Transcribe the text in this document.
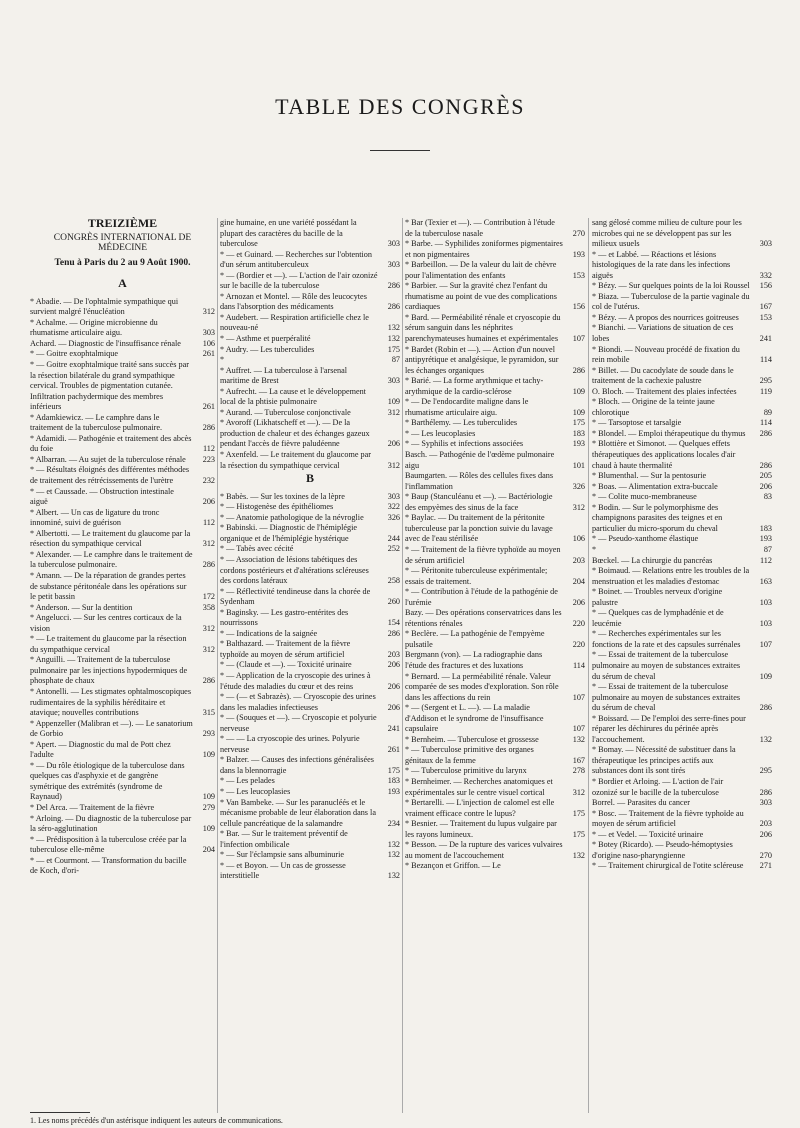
TABLE DES CONGRÈS
TREIZIÈME
CONGRÈS INTERNATIONAL DE MÉDECINE
Tenu à Paris du 2 au 9 Août 1900.
A
* Abadie. — De l'ophtalmie sympathique qui survient malgré l'énucléation	312
* Achalme. — Origine microbienne du rhumatisme articulaire aigu.	303
Achard. — Diagnostic de l'insuffisance rénale	106
* — Goitre exophtalmique	261
* — Goitre exophtalmique traité sans succès par la résection bilatérale du grand sympathique cervical. Troubles de pigmentation cutanée. Infiltration pachydermique des membres inférieurs	261
* Adamkiewicz. — Le camphre dans le traitement de la tuberculose pulmonaire.	286
* Adamidi. — Pathogénie et traitement des abcès du foie	112
* Albarran. — Au sujet de la tuberculose rénale	223
* — Résultats éloignés des différentes méthodes de traitement des rétrécissements de l'urètre	232
* — et Caussade. — Obstruction intestinale aiguë	206
* Albert. — Un cas de ligature du tronc innominé, suivi de guérison	112
* Albertotti. — Le traitement du glaucome par la résection du sympathique cervical	312
* Alexander. — Le camphre dans le traitement de la tuberculose pulmonaire.	286
* Amann. — De la réparation de grandes pertes de substance péritonéale dans les opérations sur le petit bassin	172
* Anderson. — Sur la dentition	358
* Angelucci. — Sur les centres corticaux de la vision	312
* — Le traitement du glaucome par la résection du sympathique cervical	312
* Anguilli. — Traitement de la tuberculose pulmonaire par les injections hypodermiques de phosphate de chaux	286
* Antonelli. — Les stigmates ophtalmoscopiques rudimentaires de la syphilis héréditaire et atavique; nouvelles contributions	315
* Appenzeller (Malibran et —). — Le sanatorium de Gorbio	293
* Apert. — Diagnostic du mal de Pott chez l'adulte	109
* — Du rôle étiologique de la tuberculose dans quelques cas d'asphyxie et de gangrène symétrique des extrémités (syndrome de Raynaud)	109
* Del Arca. — Traitement de la fièvre	279
* Arloing. — Du diagnostic de la tuberculose par la séro-agglutination	109
* — Prédisposition à la tuberculose créée par la tuberculose elle-même	204
* — et Courmont. — Transformation du bacille de Koch, d'ori-
gine humaine, en une variété possédant la plupart des caractères du bacille de la tuberculose	303
* — et Guinard. — Recherches sur l'obtention d'un sérum antituberculeux	303
* — (Bordier et —). — L'action de l'air ozonizé sur le bacille de la tuberculose	286
* Arnozan et Montel. — Rôle des leucocytes dans l'absorption des médicaments	286
* Audebert. — Respiration artificielle chez le nouveau-né	132
* — Asthme et puerpéralité	132
* Audry. — Les tuberculides	175
*	87
* Auffret. — La tuberculose à l'arsenal maritime de Brest	303
* Aufrecht. — La cause et le développement local de la phtisie pulmonaire	109
* Aurand. — Tuberculose conjonctivale	312
* Avoroff (Likhatscheff et —). — De la production de chaleur et des échanges gazeux pendant l'accès de fièvre paludéenne	206
* Axenfeld. — Le traitement du glaucome par la résection du sympathique cervical	312
B
* Babès. — Sur les toxines de la lèpre	303
* — Histogenèse des épithéliomes	322
* — Anatomie pathologique de la névroglie	326
* Babinski. — Diagnostic de l'hémiplégie organique et de l'hémiplégie hystérique	244
* — Tabès avec cécité	252
* — Association de lésions tabétiques des cordons postérieurs et d'altérations scléreuses des cordons latéraux	258
* — Réflectivité tendineuse dans la chorée de Sydenham	260
* Baginsky. — Les gastro-entérites des nourrissons	154
* — Indications de la saignée	286
* Balthazard. — Traitement de la fièvre typhoïde au moyen de sérum artificiel	203
* — (Claude et —). — Toxicité urinaire	206
* — Application de la cryoscopie des urines à l'étude des maladies du cœur et des reins	206
* — (— et Sabrazès). — Cryoscopie des urines dans les maladies infectieuses	206
* — (Souques et —). — Cryoscopie et polyurie nerveuse	241
* — — La cryoscopie des urines. Polyurie nerveuse	261
* Balzer. — Causes des infections généralisées dans la blennorragie	175
* — Les pelades	183
* — Les leucoplasies	193
* Van Bambeke. — Sur les paranucléés et le mécanisme probable de leur élaboration dans la cellule pancréatique de la salamandre	234
* Bar. — Sur le traitement préventif de l'infection ombilicale	132
* — Sur l'éclampsie sans albuminurie	132
* — et Boyon. — Un cas de grossesse interstitielle	132
* Bar (Texier et —). — Contribution à l'étude de la tuberculose nasale	270
* Barbe. — Syphilides zoniformes pigmentaires et non pigmentaires	193
* Barbeillon. — De la valeur du lait de chèvre pour l'alimentation des enfants	153
* Barbier. — Sur la gravité chez l'enfant du rhumatisme au point de vue des complications cardiaques	156
* Bard. — Perméabilité rénale et cryoscopie du sérum sanguin dans les néphrites parenchymateuses humaines et expérimentales	107
* Bardet (Robin et —). — Action d'un nouvel antipyrétique et analgésique, le pyramidon, sur les échanges organiques	286
* Barié. — La forme arythmique et tachy-arythmique de la cardio-sclérose	109
* — De l'endocardite maligne dans le rhumatisme articulaire aigu.	109
* Barthélemy. — Les tuberculides	175
* — Les leucoplasies	183
* — Syphilis et infections associées	193
Basch. — Pathogénie de l'œdème pulmonaire aigu	101
Baumgarten. — Rôles des cellules fixes dans l'inflammation	326
* Baup (Stanculéanu et —). — Bactériologie des empyèmes des sinus de la face	312
* Baylac. — Du traitement de la péritonite tuberculeuse par la ponction suivie du lavage avec de l'eau stérilisée	106
* — Traitement de la fièvre typhoïde au moyen de sérum artificiel	203
* — Péritonite tuberculeuse expérimentale; essais de traitement.	204
* — Contribution à l'étude de la pathogénie de l'urémie	206
Bazy. — Des opérations conservatrices dans les rétentions rénales	220
* Beclère. — La pathogénie de l'empyème pulsatile	220
Bergmann (von). — La radiographie dans l'étude des fractures et des luxations	114
* Bernard. — La perméabilité rénale. Valeur comparée de ses modes d'exploration. Son rôle dans les affections du rein	107
* — (Sergent et L. —). — La maladie d'Addison et le syndrome de l'insuffisance capsulaire	107
* Bernheim. — Tuberculose et grossesse	132
* — Tuberculose primitive des organes génitaux de la femme	167
* — Tuberculose primitive du larynx	278
* Bernheimer. — Recherches anatomiques et expérimentales sur le centre visuel cortical	312
* Bertarelli. — L'injection de calomel est elle vraiment efficace contre le lupus?	175
* Besnier. — Traitement du lupus vulgaire par les rayons lumineux.	175
* Besson. — De la rupture des varices vulvaires au moment de l'accouchement	132
* Bezançon et Griffon. — Le
sang gélosé comme milieu de culture pour les microbes qui ne se développent pas sur les milieux usuels	303
* — et Labbé. — Réactions et lésions histologiques de la rate dans les infections aiguës	332
* Bézy. — Sur quelques points de la loi Roussel	156
* Biaza. — Tuberculose de la partie vaginale du col de l'utérus.	167
* Bézy. — A propos des nourrices goitreuses	153
* Bianchi. — Variations de situation de ces lobes	241
* Biondi. — Nouveau procédé de fixation du rein mobile	114
* Billet. — Du cacodylate de soude dans le traitement de la cachexie palustre	295
O. Bloch. — Traitement des plaies infectées	119
* Bloch. — Origine de la teinte jaune chlorotique	89
* — Tarsoptose et tarsalgie	114
* Blondel. — Emploi thérapeutique du thymus	286
* Blottière et Simonot. — Quelques effets thérapeutiques des applications locales d'air chaud à haute thermalité	286
* Blumenthal. — Sur la pentosurie	205
* Boas. — Alimentation extra-buccale	206
* — Colite muco-membraneuse	83
* Bodin. — Sur le polymorphisme des champignons parasites des teignes et en particulier du micro-sporum du cheval	183
* — Pseudo-xanthome élastique	193
*	87
Bœckel. — La chirurgie du pancréas	112
* Boimaud. — Relations entre les troubles de la menstruation et les maladies d'estomac	163
* Boinet. — Troubles nerveux d'origine palustre	103
* — Quelques cas de lymphadénie et de leucémie	103
* — Recherches expérimentales sur les fonctions de la rate et des capsules surrénales	107
* — Essai de traitement de la tuberculose pulmonaire au moyen de substances extraites du sérum de cheval	109
* — Essai de traitement de la tuberculose pulmonaire au moyen de substances extraites du sérum de cheval	286
* Boissard. — De l'emploi des serre-fines pour réparer les déchirures du périnée après l'accouchement.	132
* Bomay. — Nécessité de substituer dans la thérapeutique les principes actifs aux substances dont ils sont tirés	295
* Bordier et Arloing. — L'action de l'air ozonizé sur le bacille de la tuberculose	286
Borrel. — Parasites du cancer	303
* Bosc. — Traitement de la fièvre typhoïde au moyen de sérum artificiel	203
* — et Vedel. — Toxicité urinaire	206
* Botey (Ricardo). — Pseudo-hémoptysies d'origine naso-pharyngienne	270
* — Traitement chirurgical de l'otite scléreuse	271
1. Les noms précédés d'un astérisque indiquent les auteurs de communications.
